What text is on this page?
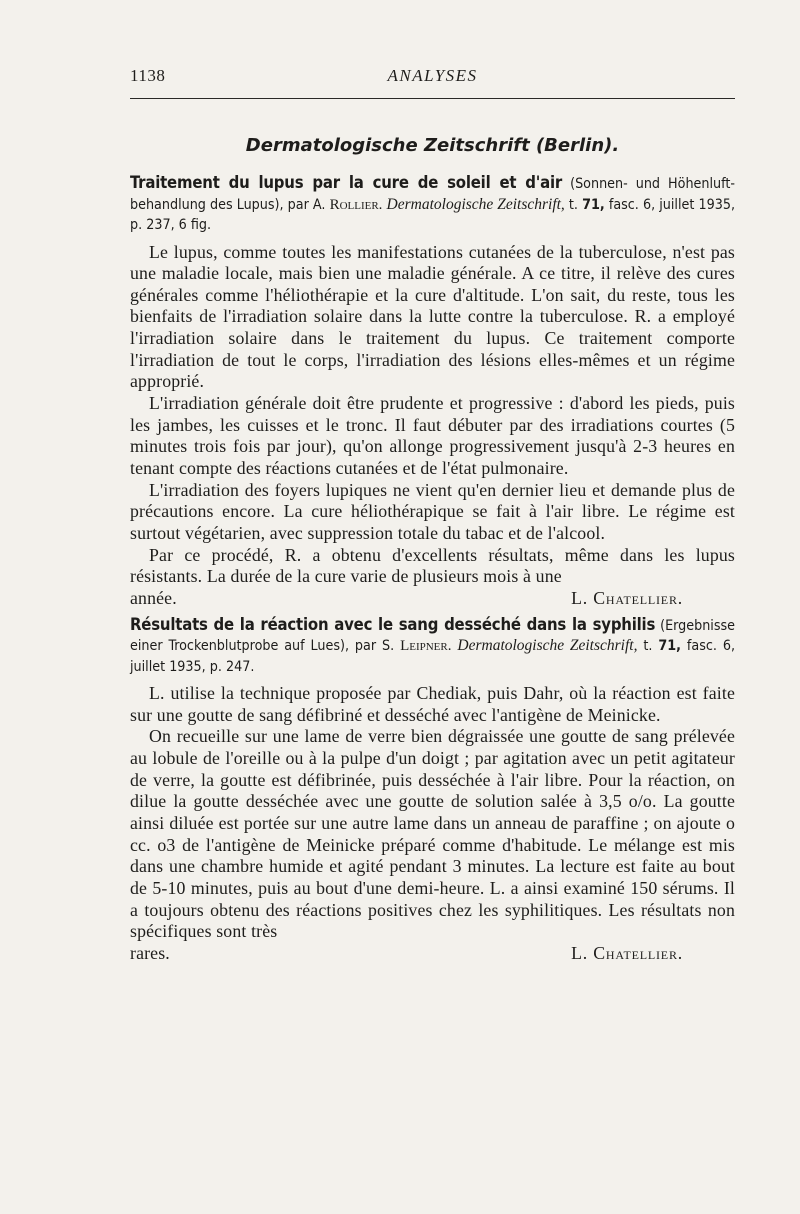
1138	ANALYSES
Dermatologische Zeitschrift (Berlin).

Traitement du lupus par la cure de soleil et d'air (Sonnen- und Höhenluft-behandlung des Lupus), par A. Rollier. Dermatologische Zeitschrift, t. 71, fasc. 6, juillet 1935, p. 237, 6 fig.

Le lupus, comme toutes les manifestations cutanées de la tuberculose, n'est pas une maladie locale, mais bien une maladie générale. A ce titre, il relève des cures générales comme l'héliothérapie et la cure d'altitude. L'on sait, du reste, tous les bienfaits de l'irradiation solaire dans la lutte contre la tuberculose. R. a employé l'irradiation solaire dans le traitement du lupus. Ce traitement comporte l'irradiation de tout le corps, l'irradiation des lésions elles-mêmes et un régime approprié.

L'irradiation générale doit être prudente et progressive : d'abord les pieds, puis les jambes, les cuisses et le tronc. Il faut débuter par des irradiations courtes (5 minutes trois fois par jour), qu'on allonge progressivement jusqu'à 2-3 heures en tenant compte des réactions cutanées et de l'état pulmonaire.

L'irradiation des foyers lupiques ne vient qu'en dernier lieu et demande plus de précautions encore. La cure héliothérapique se fait à l'air libre. Le régime est surtout végétarien, avec suppression totale du tabac et de l'alcool.

Par ce procédé, R. a obtenu d'excellents résultats, même dans les lupus résistants. La durée de la cure varie de plusieurs mois à une

année.	L. Chatellier.

Résultats de la réaction avec le sang desséché dans la syphilis (Ergebnisse einer Trockenblutprobe auf Lues), par S. Leipner. Dermatologische Zeitschrift, t. 71, fasc. 6, juillet 1935, p. 247.

L. utilise la technique proposée par Chediak, puis Dahr, où la réaction est faite sur une goutte de sang défibriné et desséché avec l'antigène de Meinicke.

On recueille sur une lame de verre bien dégraissée une goutte de sang prélevée au lobule de l'oreille ou à la pulpe d'un doigt ; par agitation avec un petit agitateur de verre, la goutte est défibrinée, puis desséchée à l'air libre. Pour la réaction, on dilue la goutte desséchée avec une goutte de solution salée à 3,5 o/o. La goutte ainsi diluée est portée sur une autre lame dans un anneau de paraffine ; on ajoute o cc. o3 de l'antigène de Meinicke préparé comme d'habitude. Le mélange est mis dans une chambre humide et agité pendant 3 minutes. La lecture est faite au bout de 5-10 minutes, puis au bout d'une demi-heure. L. a ainsi examiné 150 sérums. Il a toujours obtenu des réactions positives chez les syphilitiques. Les résultats non spécifiques sont très

rares.	L. Chatellier.
